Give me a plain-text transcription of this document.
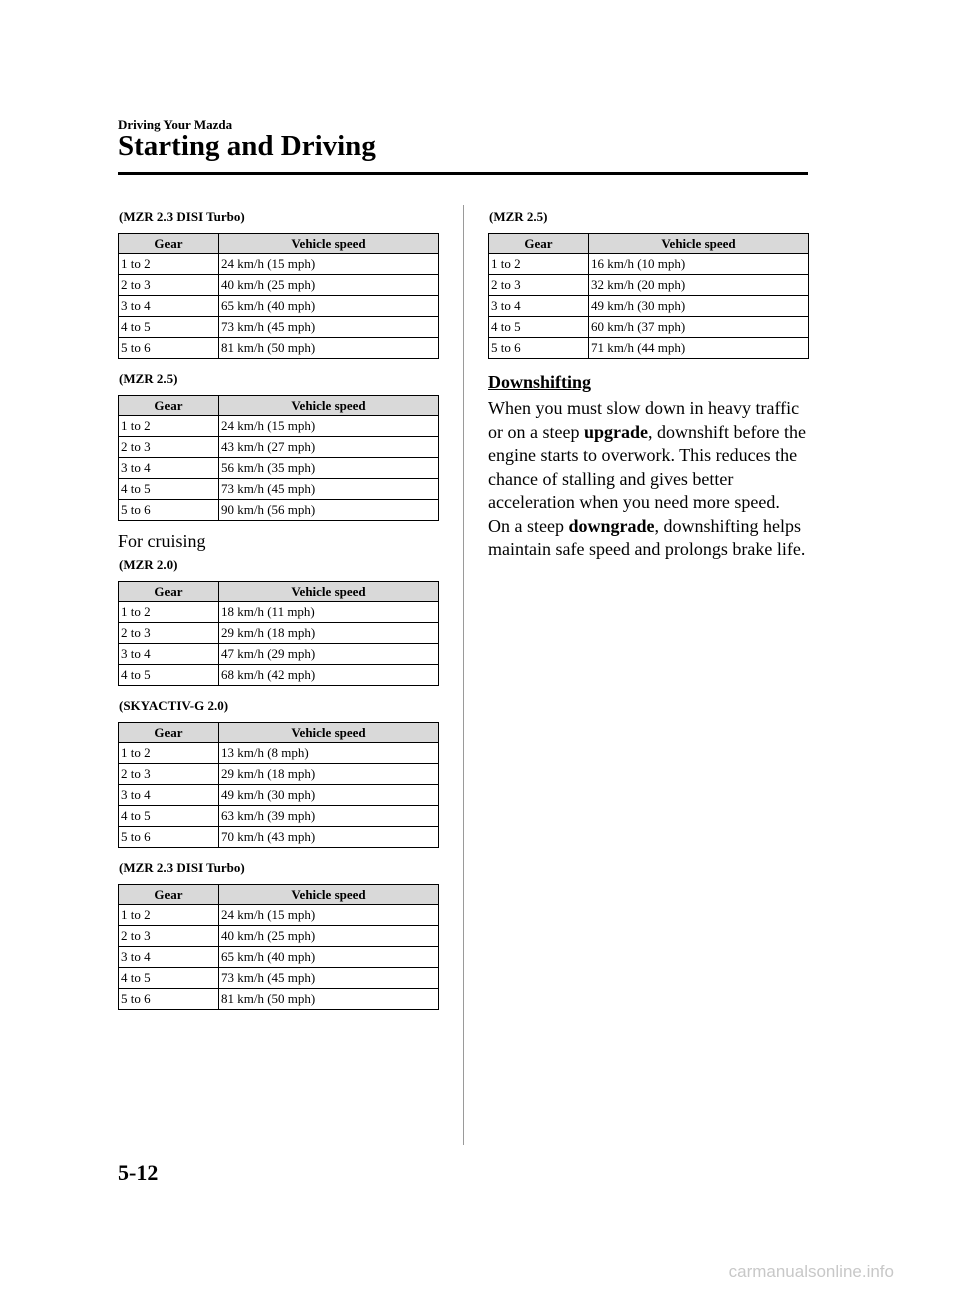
Driving Your Mazda
Starting and Driving
(MZR 2.3 DISI Turbo)
Gear	Vehicle speed
1 to 2	24 km/h (15 mph)
2 to 3	40 km/h (25 mph)
3 to 4	65 km/h (40 mph)
4 to 5	73 km/h (45 mph)
5 to 6	81 km/h (50 mph)
(MZR 2.5)
Gear	Vehicle speed
1 to 2	24 km/h (15 mph)
2 to 3	43 km/h (27 mph)
3 to 4	56 km/h (35 mph)
4 to 5	73 km/h (45 mph)
5 to 6	90 km/h (56 mph)
For cruising
(MZR 2.0)
Gear	Vehicle speed
1 to 2	18 km/h (11 mph)
2 to 3	29 km/h (18 mph)
3 to 4	47 km/h (29 mph)
4 to 5	68 km/h (42 mph)
(SKYACTIV-G 2.0)
Gear	Vehicle speed
1 to 2	13 km/h (8 mph)
2 to 3	29 km/h (18 mph)
3 to 4	49 km/h (30 mph)
4 to 5	63 km/h (39 mph)
5 to 6	70 km/h (43 mph)
(MZR 2.3 DISI Turbo)
Gear	Vehicle speed
1 to 2	24 km/h (15 mph)
2 to 3	40 km/h (25 mph)
3 to 4	65 km/h (40 mph)
4 to 5	73 km/h (45 mph)
5 to 6	81 km/h (50 mph)
(MZR 2.5)
Gear	Vehicle speed
1 to 2	16 km/h (10 mph)
2 to 3	32 km/h (20 mph)
3 to 4	49 km/h (30 mph)
4 to 5	60 km/h (37 mph)
5 to 6	71 km/h (44 mph)
Downshifting

When you must slow down in heavy traffic or on a steep upgrade, downshift before the engine starts to overwork. This reduces the chance of stalling and gives better acceleration when you need more speed.

On a steep downgrade, downshifting helps maintain safe speed and prolongs brake life.

5-12
carmanualsonline.info
